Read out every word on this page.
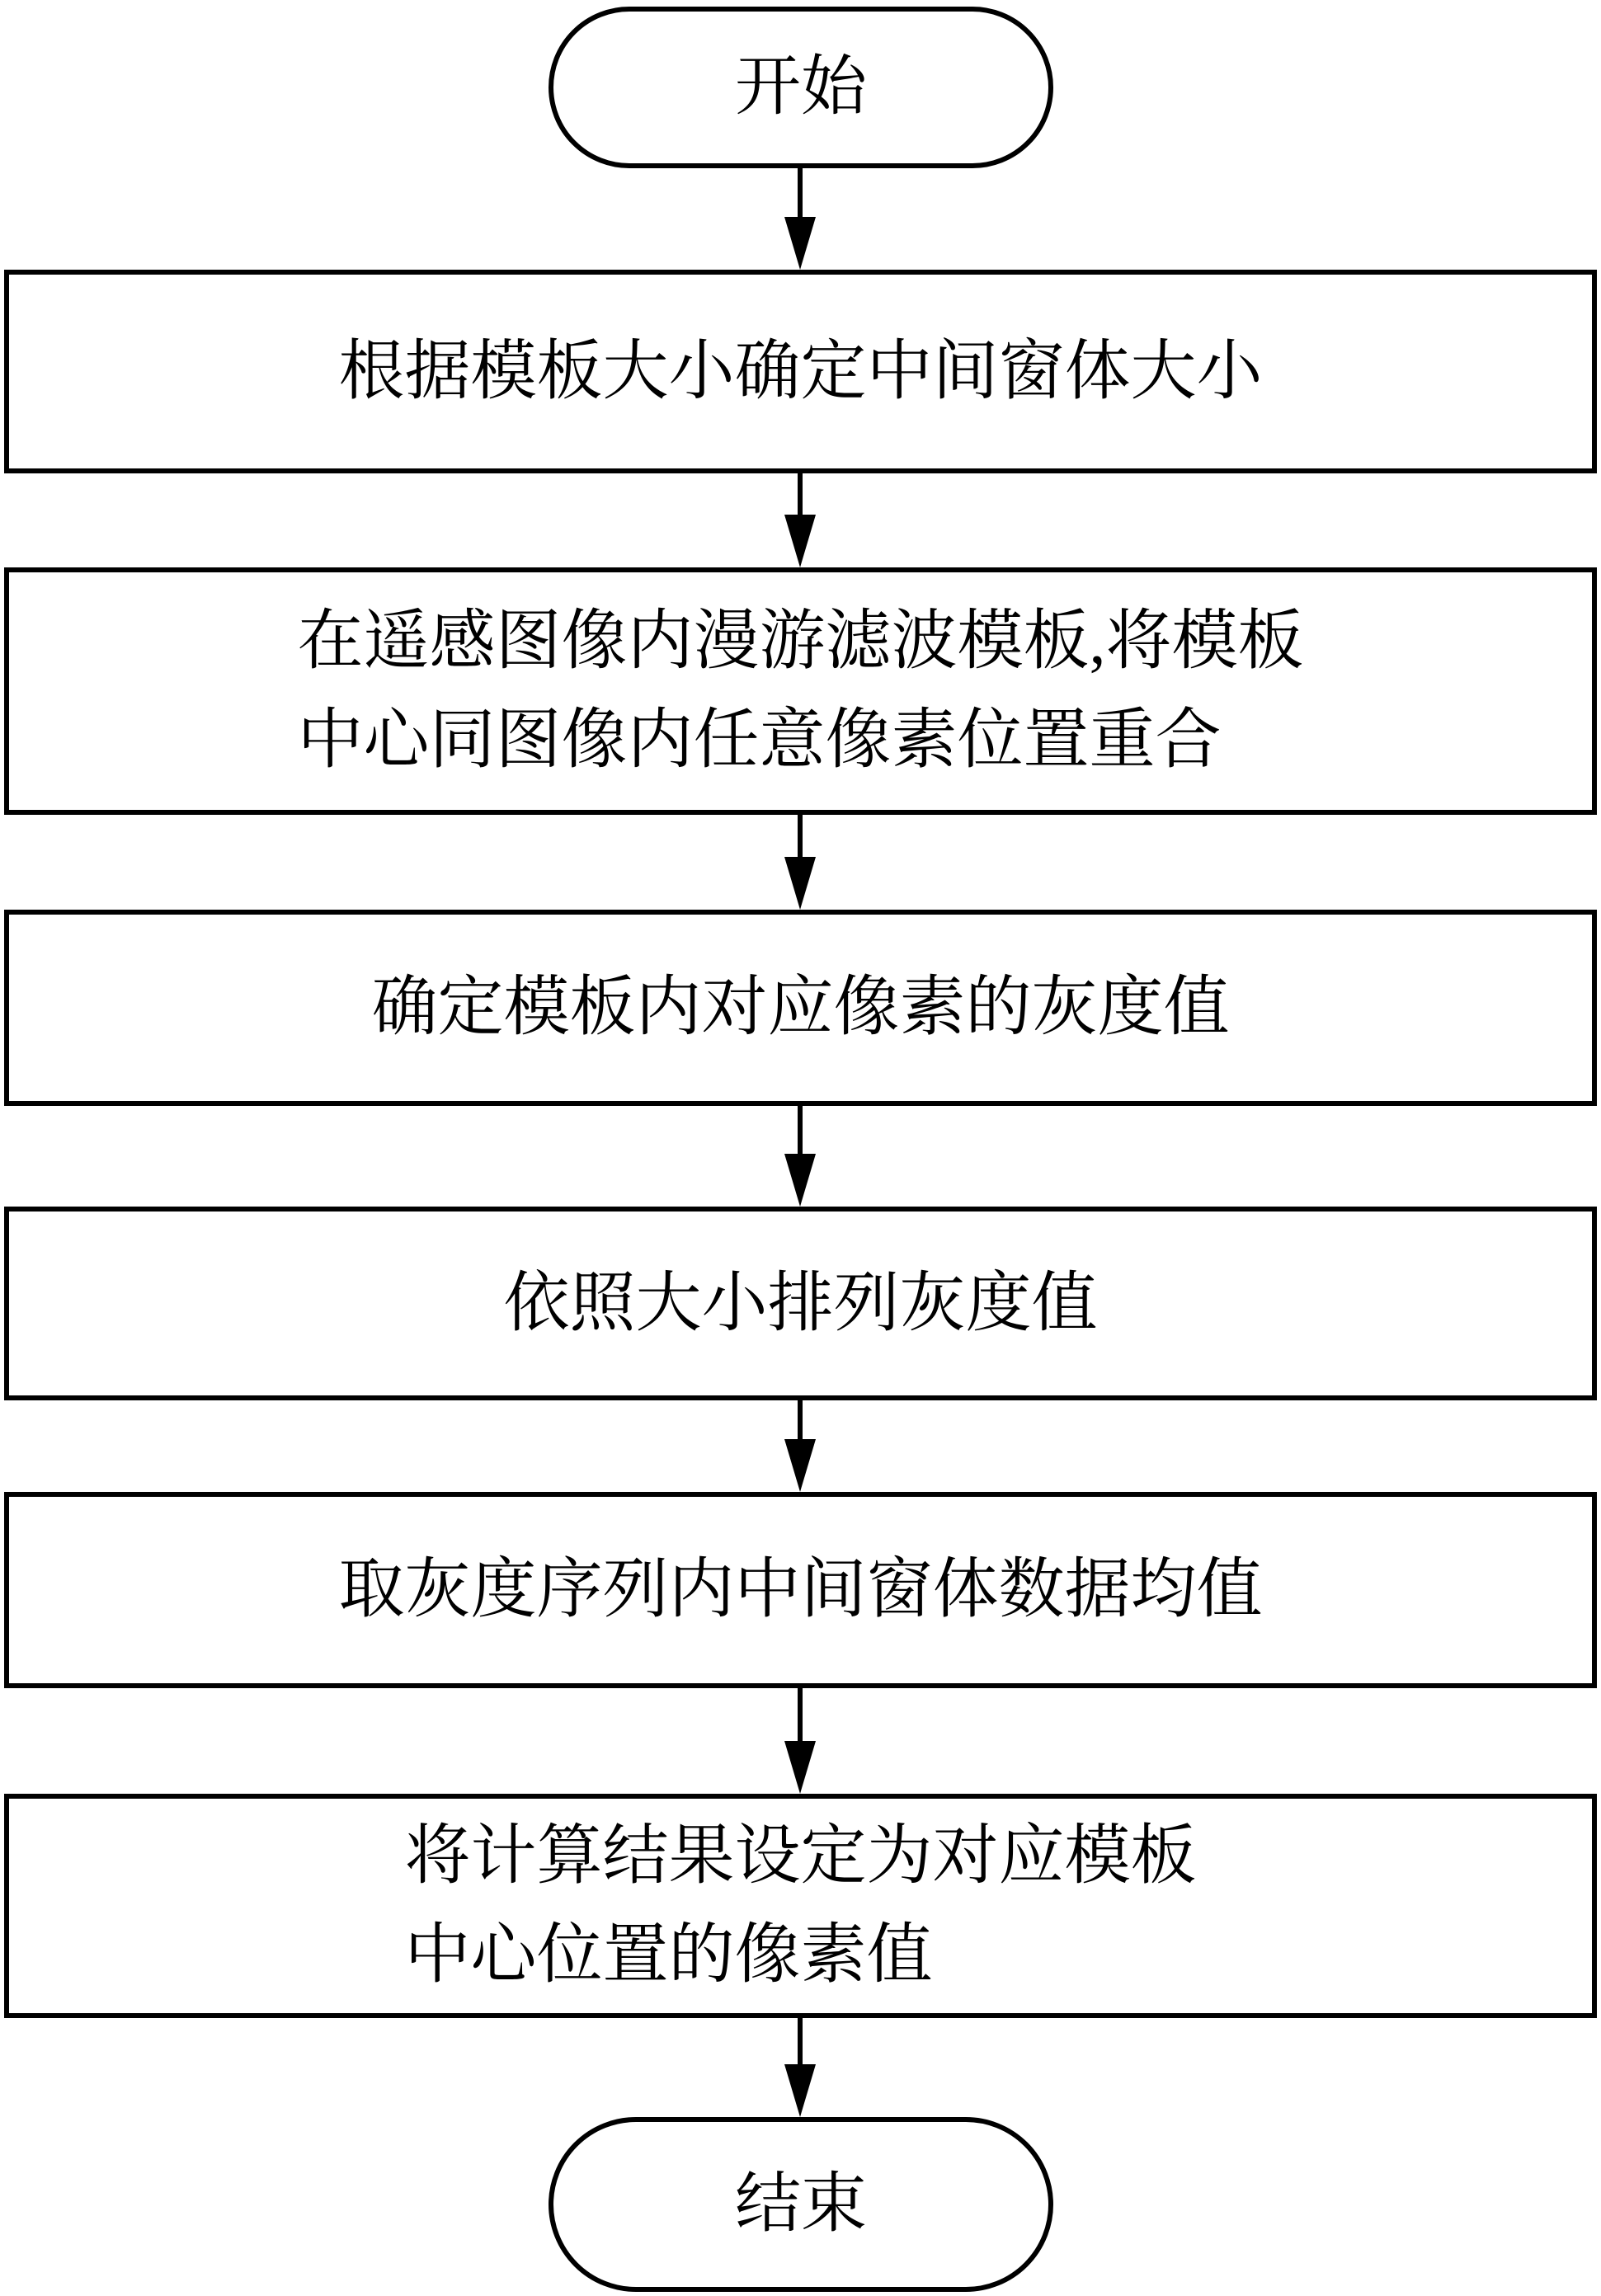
开始
根据模板大小确定中间窗体大小
在遥感图像内漫游滤波模板,将模板
中心同图像内任意像素位置重合
确定模板内对应像素的灰度值
依照大小排列灰度值
取灰度序列内中间窗体数据均值
将计算结果设定为对应模板
中心位置的像素值
结束
